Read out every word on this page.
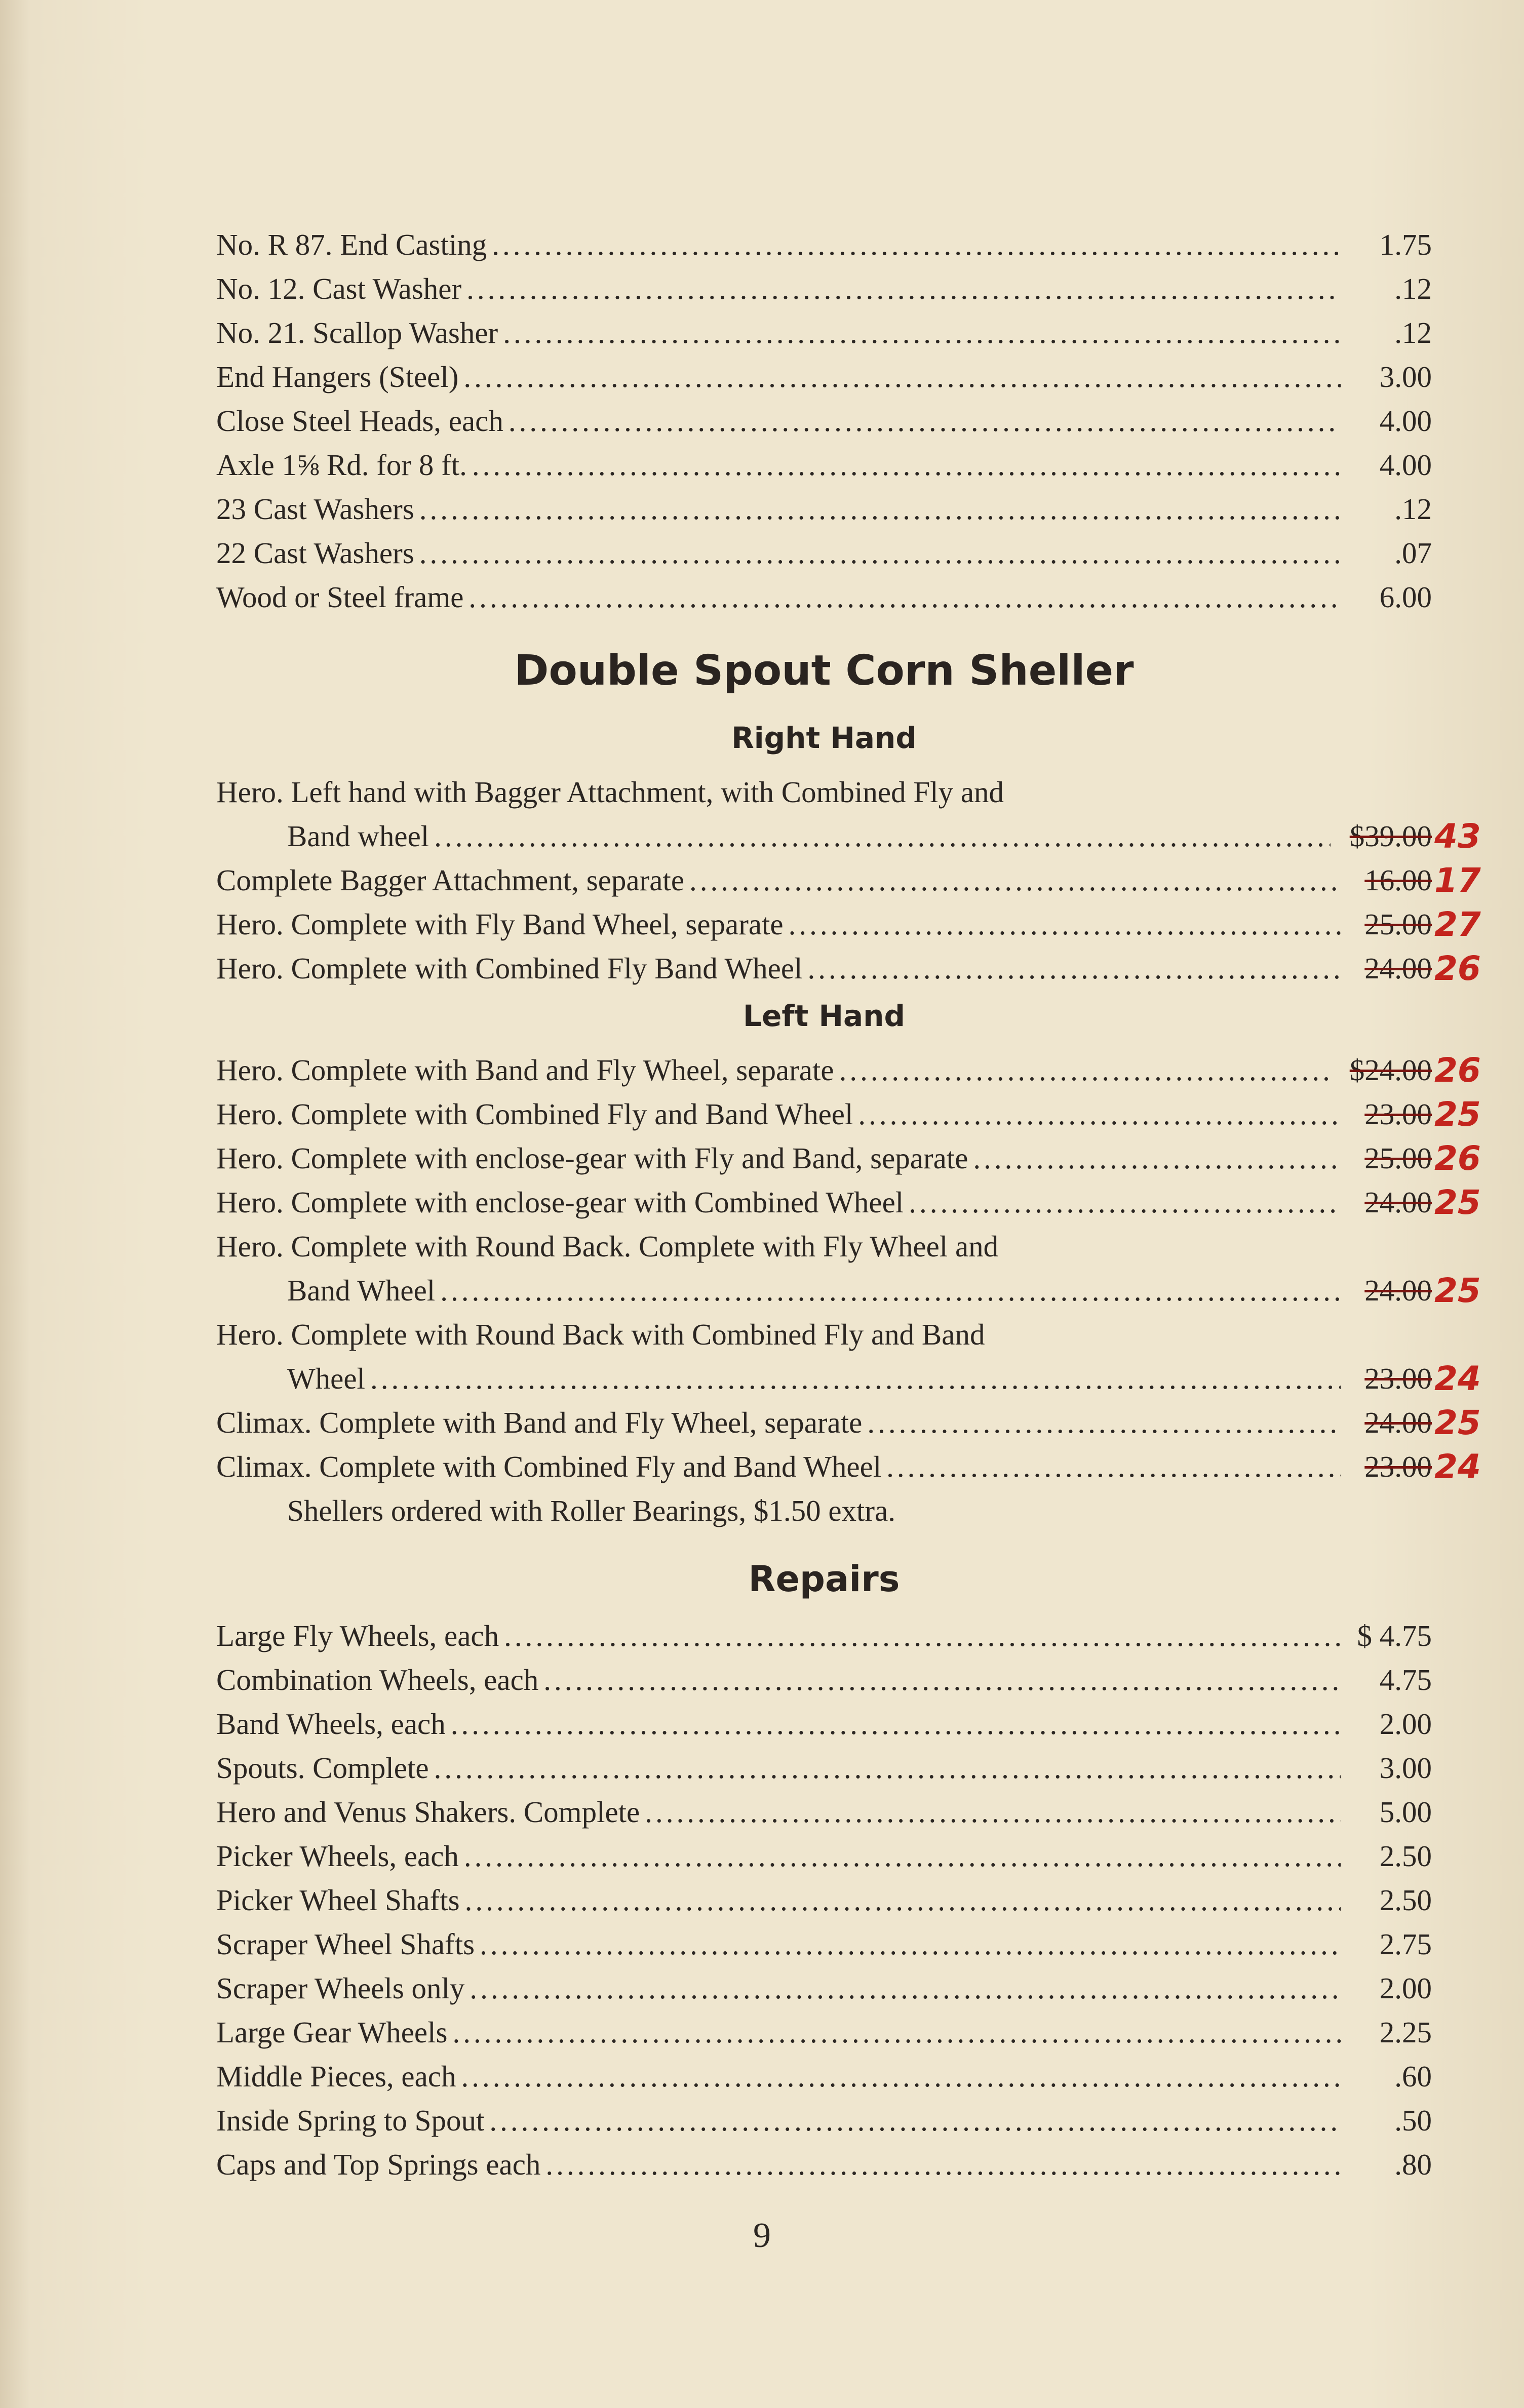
No. R 87. End Casting .....	1.75
No. 12. Cast Washer .....	.12
No. 21. Scallop Washer .....	.12
End Hangers (Steel) .....	3.00
Close Steel Heads, each .....	4.00
Axle 1⅝ Rd. for 8 ft. .....	4.00
23 Cast Washers .....	.12
22 Cast Washers .....	.07
Wood or Steel frame .....	6.00
Double Spout Corn Sheller
Right Hand
Hero. Left hand with Bagger Attachment, with Combined Fly and
Band wheel .....	$39.00 43
Complete Bagger Attachment, separate .....	16.00 17
Hero. Complete with Fly Band Wheel, separate .....	25.00 27
Hero. Complete with Combined Fly Band Wheel .....	24.00 26
Left Hand
Hero. Complete with Band and Fly Wheel, separate .....	$24.00 26
Hero. Complete with Combined Fly and Band Wheel .....	23.00 25
Hero. Complete with enclose-gear with Fly and Band, separate .....	25.00 26
Hero. Complete with enclose-gear with Combined Wheel .....	24.00 25
Hero. Complete with Round Back. Complete with Fly Wheel and
Band Wheel .....	24.00 25
Hero. Complete with Round Back with Combined Fly and Band
Wheel .....	23.00 24
Climax. Complete with Band and Fly Wheel, separate .....	24.00 25
Climax. Complete with Combined Fly and Band Wheel .....	23.00 24
Shellers ordered with Roller Bearings, $1.50 extra.
Repairs
Large Fly Wheels, each .....	$ 4.75
Combination Wheels, each .....	4.75
Band Wheels, each .....	2.00
Spouts. Complete .....	3.00
Hero and Venus Shakers. Complete .....	5.00
Picker Wheels, each .....	2.50
Picker Wheel Shafts .....	2.50
Scraper Wheel Shafts .....	2.75
Scraper Wheels only .....	2.00
Large Gear Wheels .....	2.25
Middle Pieces, each .....	.60
Inside Spring to Spout .....	.50
Caps and Top Springs each .....	.80
9
